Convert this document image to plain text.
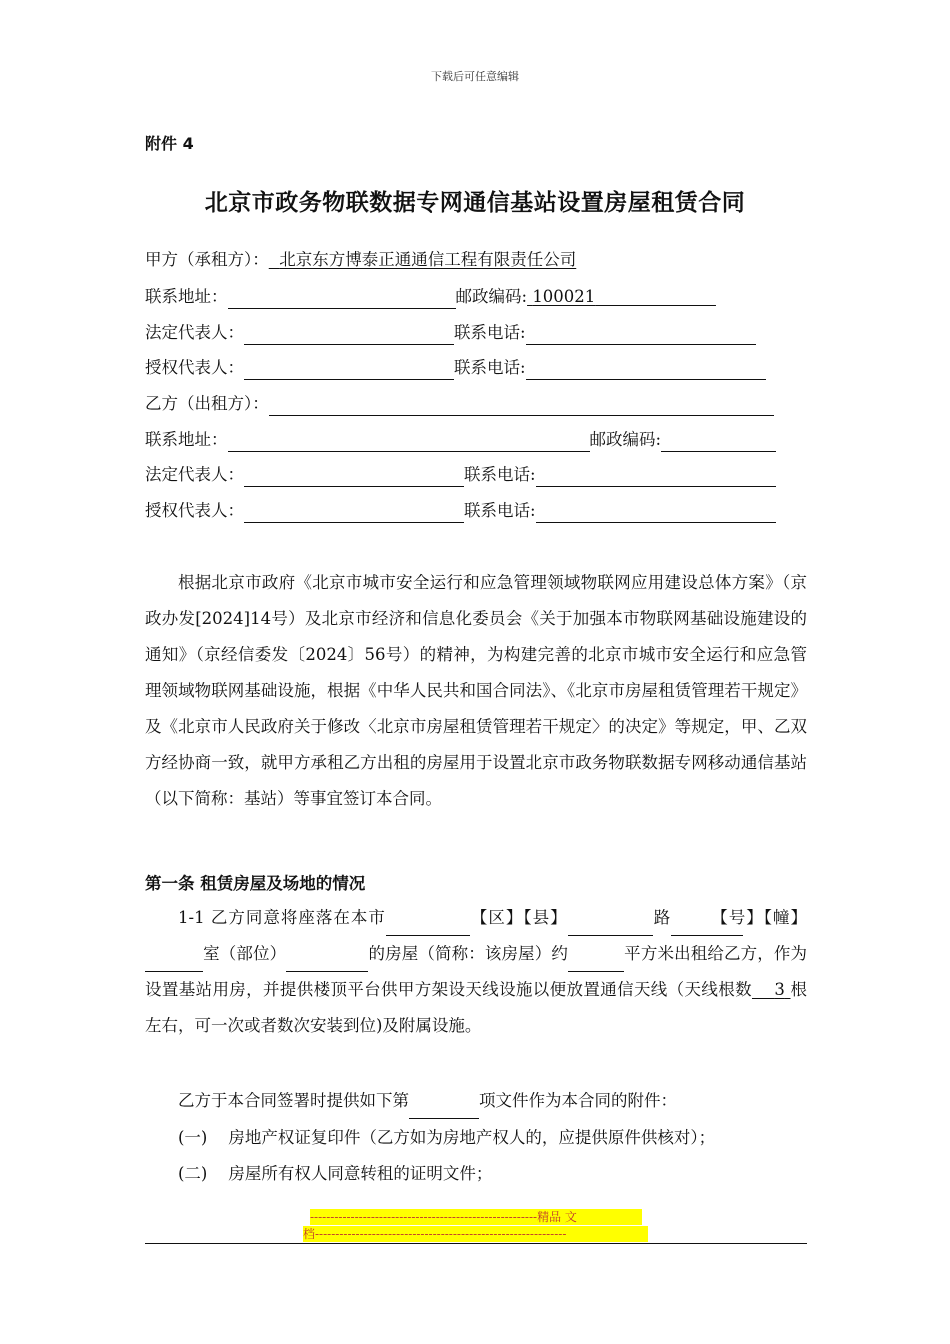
下载后可任意编辑
附件 4
北京市政务物联数据专网通信基站设置房屋租赁合同
甲方（承租方）： 北京东方博泰正通通信工程有限责任公司
联系地址：	邮政编码: 100021
法定代表人：	联系电话:
授权代表人：	联系电话:
乙方（出租方）：
联系地址：	邮政编码:
法定代表人：	联系电话:
授权代表人：	联系电话:
根据北京市政府《北京市城市安全运行和应急管理领域物联网应用建设总体方案》（京政办发[2024]14号）及北京市经济和信息化委员会《关于加强本市物联网基础设施建设的通知》（京经信委发〔2024〕56号）的精神，为构建完善的北京市城市安全运行和应急管理领域物联网基础设施，根据《中华人民共和国合同法》、《北京市房屋租赁管理若干规定》及《北京市人民政府关于修改〈北京市房屋租赁管理若干规定〉的决定》等规定，甲、乙双方经协商一致，就甲方承租乙方出租的房屋用于设置北京市政务物联数据专网移动通信基站（以下简称：基站）等事宜签订本合同。
第一条 租赁房屋及场地的情况
1-1 乙方同意将座落在本市	【区】【县】	路 【号】【幢】室（部位）	的房屋（简称：该房屋）约	平方米出租给乙方，作为设置基站用房，并提供楼顶平台供甲方架设天线设施以便放置通信天线（天线根数 3 根左右，可一次或者数次安装到位)及附属设施。
乙方于本合同签署时提供如下第	项文件作为本合同的附件：
(一) 房地产权证复印件（乙方如为房地产权人的，应提供原件供核对）；
(二) 房屋所有权人同意转租的证明文件；
--------------------------------------------------------精品 文
档--------------------------------------------------------------
